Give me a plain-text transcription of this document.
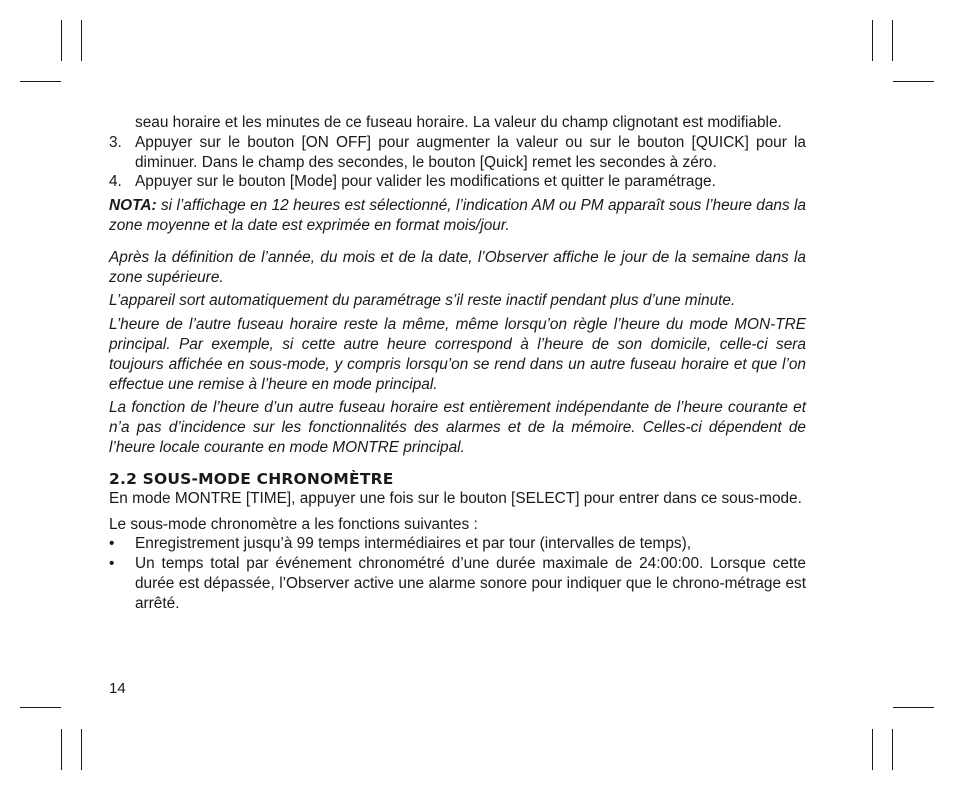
seau horaire et les minutes de ce fuseau horaire. La valeur du champ clignotant est modifiable.

3. Appuyer sur le bouton [ON OFF] pour augmenter la valeur ou sur le bouton [QUICK] pour la diminuer. Dans le champ des secondes, le bouton [Quick] remet les secondes à zéro.
4. Appuyer sur le bouton [Mode] pour valider les modifications et quitter le paramétrage.

NOTA: si l’affichage en 12 heures est sélectionné, l’indication AM ou PM apparaît sous l’heure dans la zone moyenne et la date est exprimée en format mois/jour.

Après la définition de l’année, du mois et de la date, l’Observer affiche le jour de la semaine dans la zone supérieure.

L’appareil sort automatiquement du paramétrage s’il reste inactif pendant plus d’une minute.

L’heure de l’autre fuseau horaire reste la même, même lorsqu’on règle l’heure du mode MON-TRE principal. Par exemple, si cette autre heure correspond à l’heure de son domicile, celle-ci sera toujours affichée en sous-mode, y compris lorsqu’on se rend dans un autre fuseau horaire et que l’on effectue une remise à l’heure en mode principal.

La fonction de l’heure d’un autre fuseau horaire est entièrement indépendante de l’heure courante et n’a pas d’incidence sur les fonctionnalités des alarmes et de la mémoire. Celles-ci dépendent de l’heure locale courante en mode MONTRE principal.

2.2 SOUS-MODE CHRONOMÈTRE

En mode MONTRE [TIME], appuyer une fois sur le bouton [SELECT] pour entrer dans ce sous-mode.

Le sous-mode chronomètre a les fonctions suivantes :

• Enregistrement jusqu’à 99 temps intermédiaires et par tour (intervalles de temps),
• Un temps total par événement chronométré d’une durée maximale de 24:00:00. Lorsque cette durée est dépassée, l’Observer active une alarme sonore pour indiquer que le chrono-métrage est arrêté.
14
